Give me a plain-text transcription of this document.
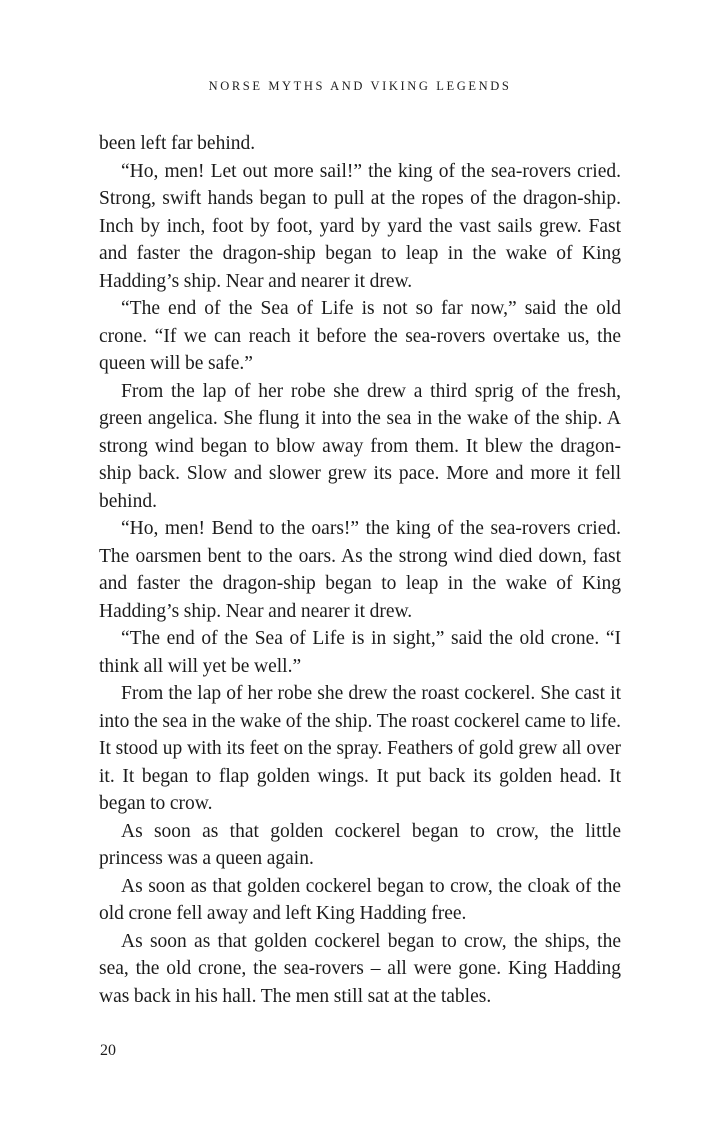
NORSE MYTHS AND VIKING LEGENDS

been left far behind.

“Ho, men! Let out more sail!” the king of the sea-rovers cried. Strong, swift hands began to pull at the ropes of the dragon-ship. Inch by inch, foot by foot, yard by yard the vast sails grew. Fast and faster the dragon-ship began to leap in the wake of King Hadding’s ship. Near and nearer it drew.

“The end of the Sea of Life is not so far now,” said the old crone. “If we can reach it before the sea-rovers overtake us, the queen will be safe.”

From the lap of her robe she drew a third sprig of the fresh, green angelica. She flung it into the sea in the wake of the ship. A strong wind began to blow away from them. It blew the dragon-ship back. Slow and slower grew its pace. More and more it fell behind.

“Ho, men! Bend to the oars!” the king of the sea-rovers cried. The oarsmen bent to the oars. As the strong wind died down, fast and faster the dragon-ship began to leap in the wake of King Hadding’s ship. Near and nearer it drew.

“The end of the Sea of Life is in sight,” said the old crone. “I think all will yet be well.”

From the lap of her robe she drew the roast cockerel. She cast it into the sea in the wake of the ship. The roast cockerel came to life. It stood up with its feet on the spray. Feathers of gold grew all over it. It began to flap golden wings. It put back its golden head. It began to crow.

As soon as that golden cockerel began to crow, the little princess was a queen again.

As soon as that golden cockerel began to crow, the cloak of the old crone fell away and left King Hadding free.

As soon as that golden cockerel began to crow, the ships, the sea, the old crone, the sea-rovers – all were gone. King Hadding was back in his hall. The men still sat at the tables.

20
